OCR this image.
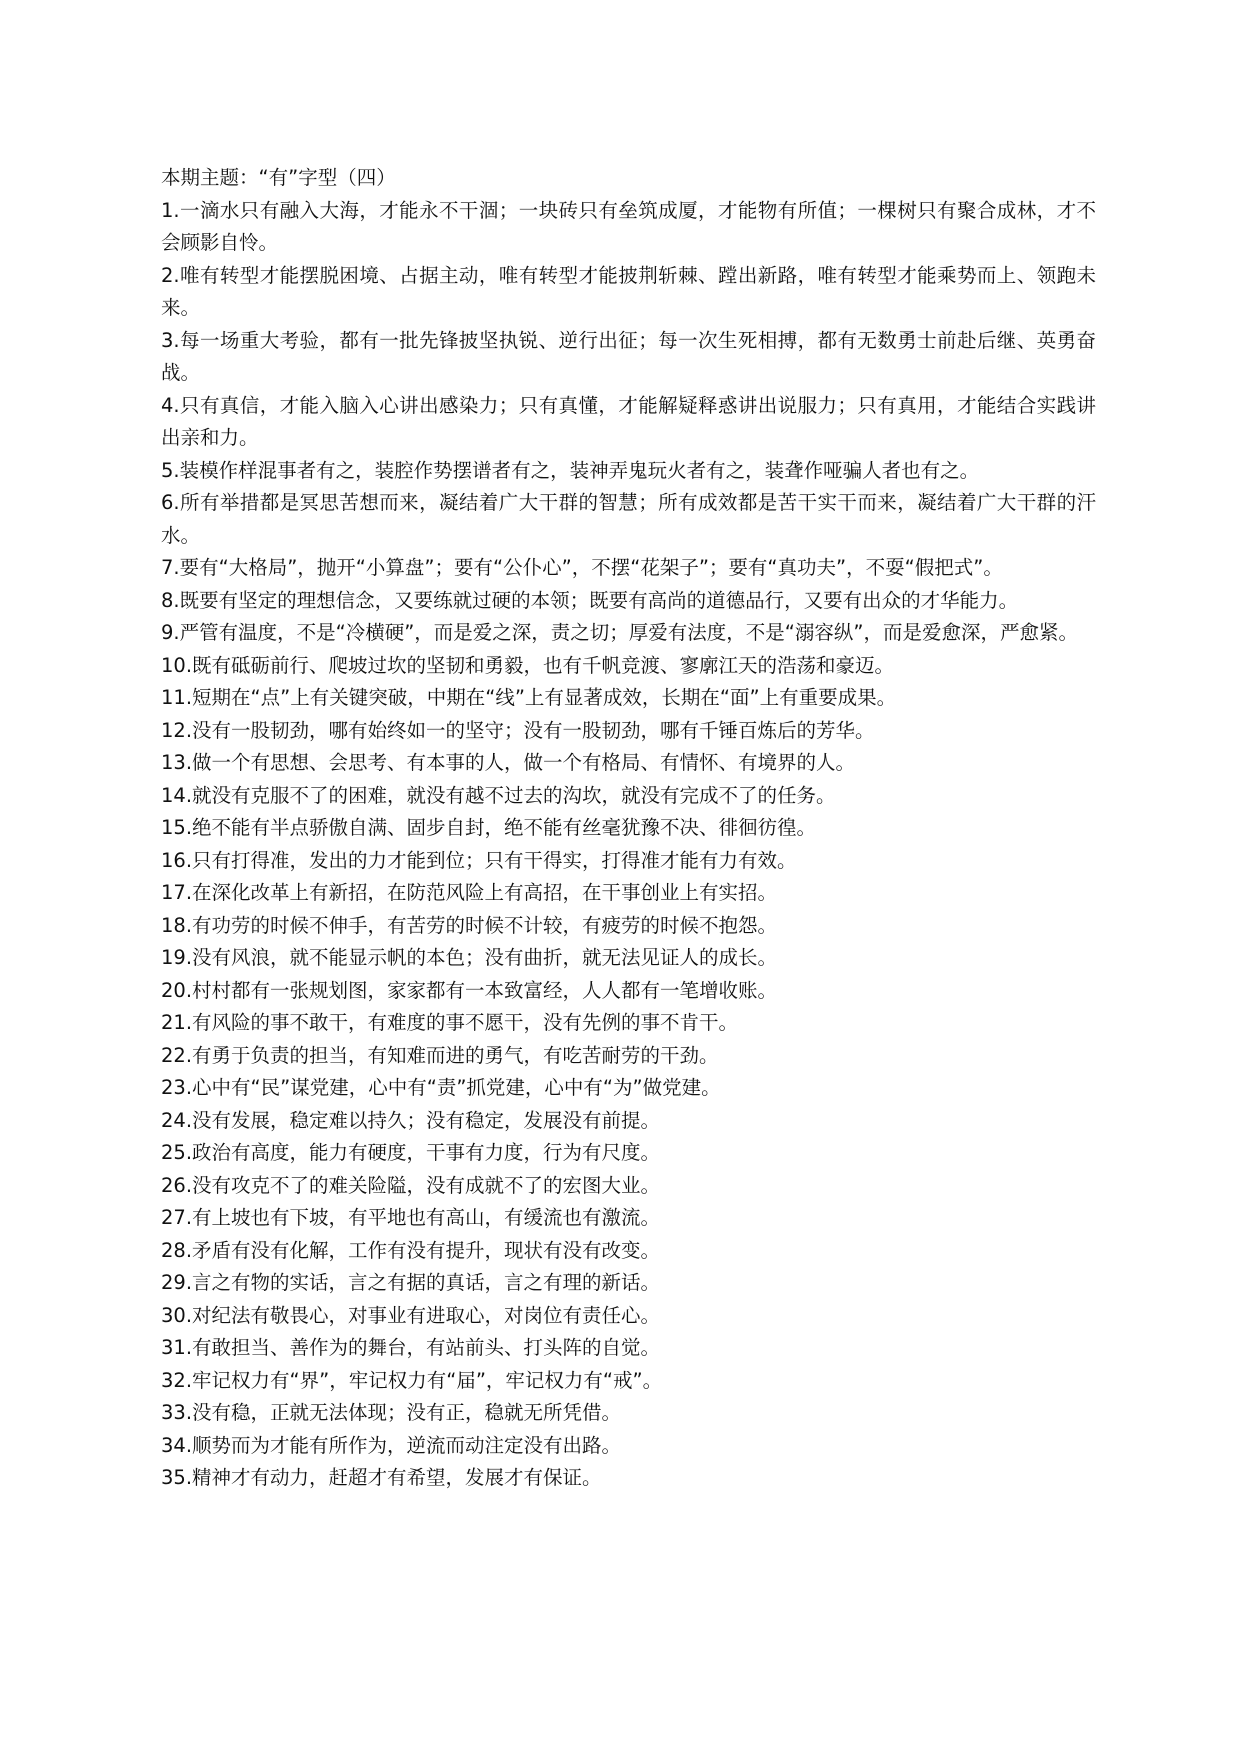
本期主题：“有”字型（四）
1.一滴水只有融入大海，才能永不干涸；一块砖只有垒筑成厦，才能物有所值；一棵树只有聚合成林，才不会顾影自怜。
2.唯有转型才能摆脱困境、占据主动，唯有转型才能披荆斩棘、蹚出新路，唯有转型才能乘势而上、领跑未来。
3.每一场重大考验，都有一批先锋披坚执锐、逆行出征；每一次生死相搏，都有无数勇士前赴后继、英勇奋战。
4.只有真信，才能入脑入心讲出感染力；只有真懂，才能解疑释惑讲出说服力；只有真用，才能结合实践讲出亲和力。
5.装模作样混事者有之，装腔作势摆谱者有之，装神弄鬼玩火者有之，装聋作哑骗人者也有之。
6.所有举措都是冥思苦想而来，凝结着广大干群的智慧；所有成效都是苦干实干而来，凝结着广大干群的汗水。
7.要有“大格局”，抛开“小算盘”；要有“公仆心”，不摆“花架子”；要有“真功夫”，不耍“假把式”。
8.既要有坚定的理想信念，又要练就过硬的本领；既要有高尚的道德品行，又要有出众的才华能力。
9.严管有温度，不是“冷横硬”，而是爱之深，责之切；厚爱有法度，不是“溺容纵”，而是爱愈深，严愈紧。
10.既有砥砺前行、爬坡过坎的坚韧和勇毅，也有千帆竞渡、寥廓江天的浩荡和豪迈。
11.短期在“点”上有关键突破，中期在“线”上有显著成效，长期在“面”上有重要成果。
12.没有一股韧劲，哪有始终如一的坚守；没有一股韧劲，哪有千锤百炼后的芳华。
13.做一个有思想、会思考、有本事的人，做一个有格局、有情怀、有境界的人。
14.就没有克服不了的困难，就没有越不过去的沟坎，就没有完成不了的任务。
15.绝不能有半点骄傲自满、固步自封，绝不能有丝毫犹豫不决、徘徊彷徨。
16.只有打得准，发出的力才能到位；只有干得实，打得准才能有力有效。
17.在深化改革上有新招，在防范风险上有高招，在干事创业上有实招。
18.有功劳的时候不伸手，有苦劳的时候不计较，有疲劳的时候不抱怨。
19.没有风浪，就不能显示帆的本色；没有曲折，就无法见证人的成长。
20.村村都有一张规划图，家家都有一本致富经，人人都有一笔增收账。
21.有风险的事不敢干，有难度的事不愿干，没有先例的事不肯干。
22.有勇于负责的担当，有知难而进的勇气，有吃苦耐劳的干劲。
23.心中有“民”谋党建，心中有“责”抓党建，心中有“为”做党建。
24.没有发展，稳定难以持久；没有稳定，发展没有前提。
25.政治有高度，能力有硬度，干事有力度，行为有尺度。
26.没有攻克不了的难关险隘，没有成就不了的宏图大业。
27.有上坡也有下坡，有平地也有高山，有缓流也有激流。
28.矛盾有没有化解，工作有没有提升，现状有没有改变。
29.言之有物的实话，言之有据的真话，言之有理的新话。
30.对纪法有敬畏心，对事业有进取心，对岗位有责任心。
31.有敢担当、善作为的舞台，有站前头、打头阵的自觉。
32.牢记权力有“界”，牢记权力有“届”，牢记权力有“戒”。
33.没有稳，正就无法体现；没有正，稳就无所凭借。
34.顺势而为才能有所作为，逆流而动注定没有出路。
35.精神才有动力，赶超才有希望，发展才有保证。
